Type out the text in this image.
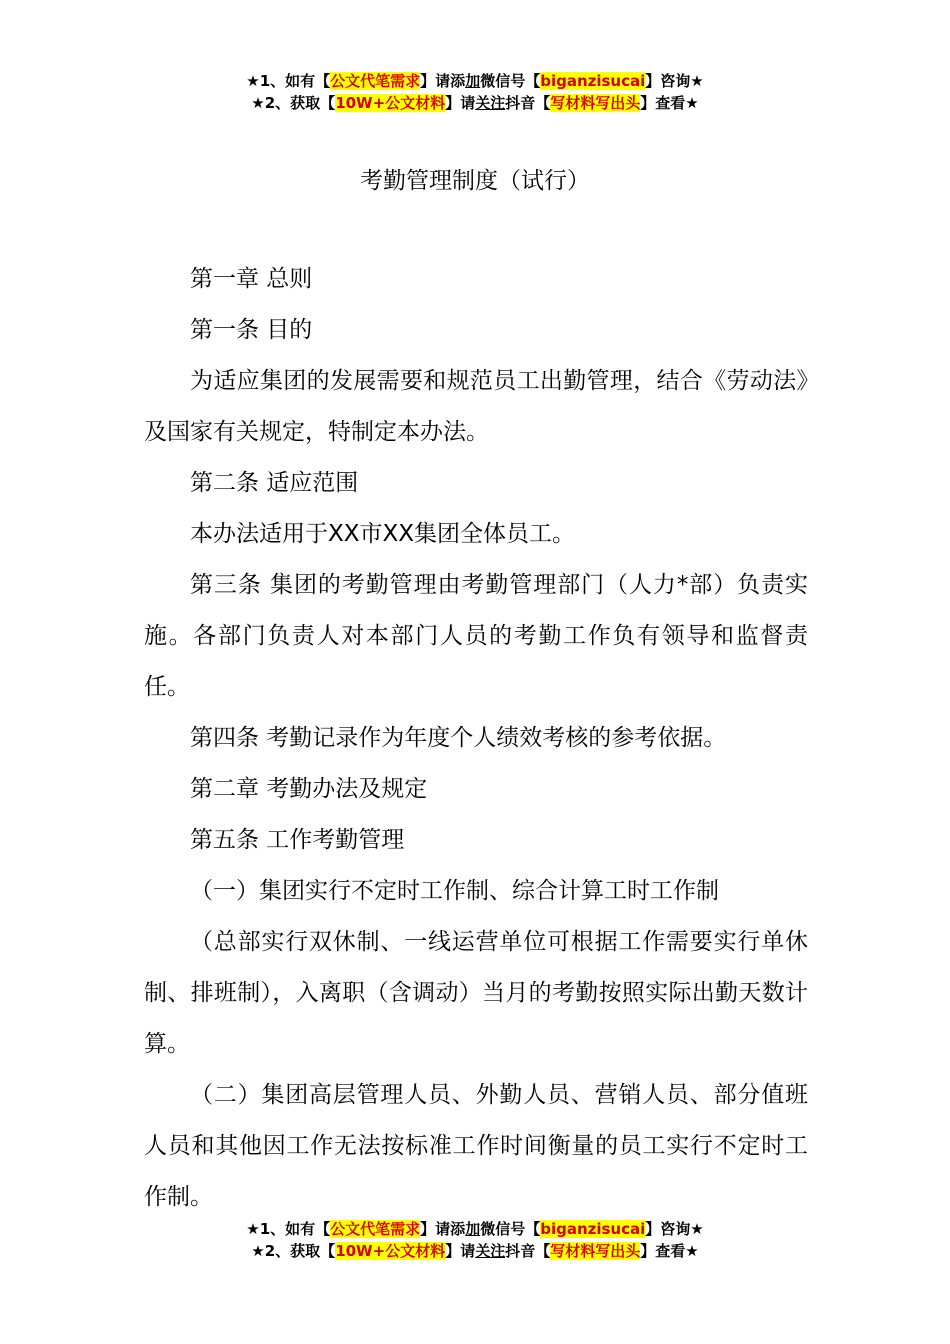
★1、如有【公文代笔需求】请添加微信号【biganzisucai】咨询★
★2、获取【10W+公文材料】请关注抖音【写材料写出头】查看★
考勤管理制度（试行）

第一章 总则

第一条 目的

为适应集团的发展需要和规范员工出勤管理，结合《劳动法》及国家有关规定，特制定本办法。

第二条 适应范围

本办法适用于XX市XX集团全体员工。

第三条 集团的考勤管理由考勤管理部门（人力*部）负责实施。各部门负责人对本部门人员的考勤工作负有领导和监督责任。

第四条 考勤记录作为年度个人绩效考核的参考依据。

第二章 考勤办法及规定

第五条 工作考勤管理

（一）集团实行不定时工作制、综合计算工时工作制

（总部实行双休制、一线运营单位可根据工作需要实行单休制、排班制），入离职（含调动）当月的考勤按照实际出勤天数计算。

（二）集团高层管理人员、外勤人员、营销人员、部分值班人员和其他因工作无法按标准工作时间衡量的员工实行不定时工作制。

★1、如有【公文代笔需求】请添加微信号【biganzisucai】咨询★
★2、获取【10W+公文材料】请关注抖音【写材料写出头】查看★
